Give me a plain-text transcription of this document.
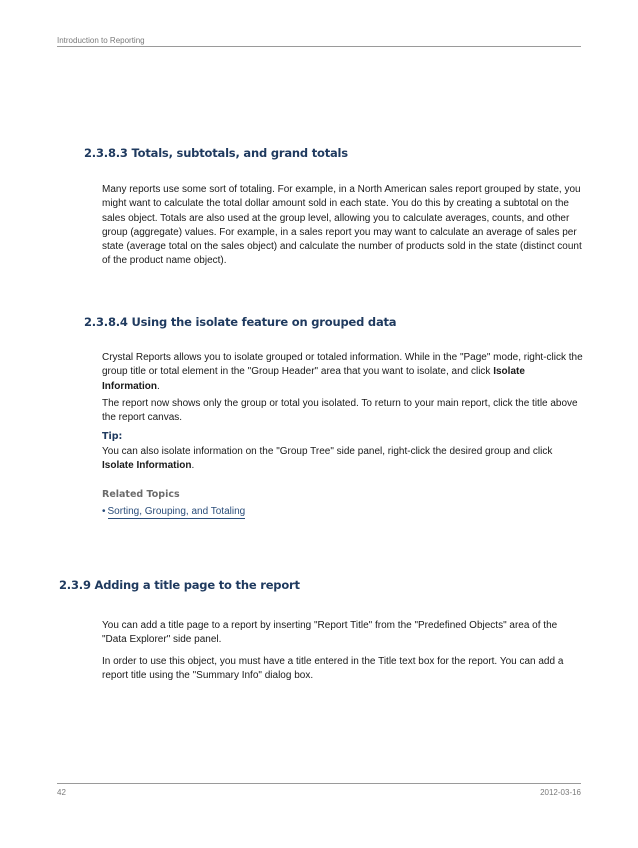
Introduction to Reporting
2.3.8.3 Totals, subtotals, and grand totals

Many reports use some sort of totaling. For example, in a North American sales report grouped by state, you might want to calculate the total dollar amount sold in each state. You do this by creating a subtotal on the sales object. Totals are also used at the group level, allowing you to calculate averages, counts, and other group (aggregate) values. For example, in a sales report you may want to calculate an average of sales per state (average total on the sales object) and calculate the number of products sold in the state (distinct count of the product name object).

2.3.8.4 Using the isolate feature on grouped data

Crystal Reports allows you to isolate grouped or totaled information. While in the "Page" mode, right-click the group title or total element in the "Group Header" area that you want to isolate, and click Isolate Information.

The report now shows only the group or total you isolated. To return to your main report, click the title above the report canvas.

Tip:

You can also isolate information on the "Group Tree" side panel, right-click the desired group and click Isolate Information.

Related Topics
• Sorting, Grouping, and Totaling
2.3.9 Adding a title page to the report

You can add a title page to a report by inserting "Report Title" from the "Predefined Objects" area of the "Data Explorer" side panel.

In order to use this object, you must have a title entered in the Title text box for the report. You can add a report title using the "Summary Info" dialog box.

42	2012-03-16
